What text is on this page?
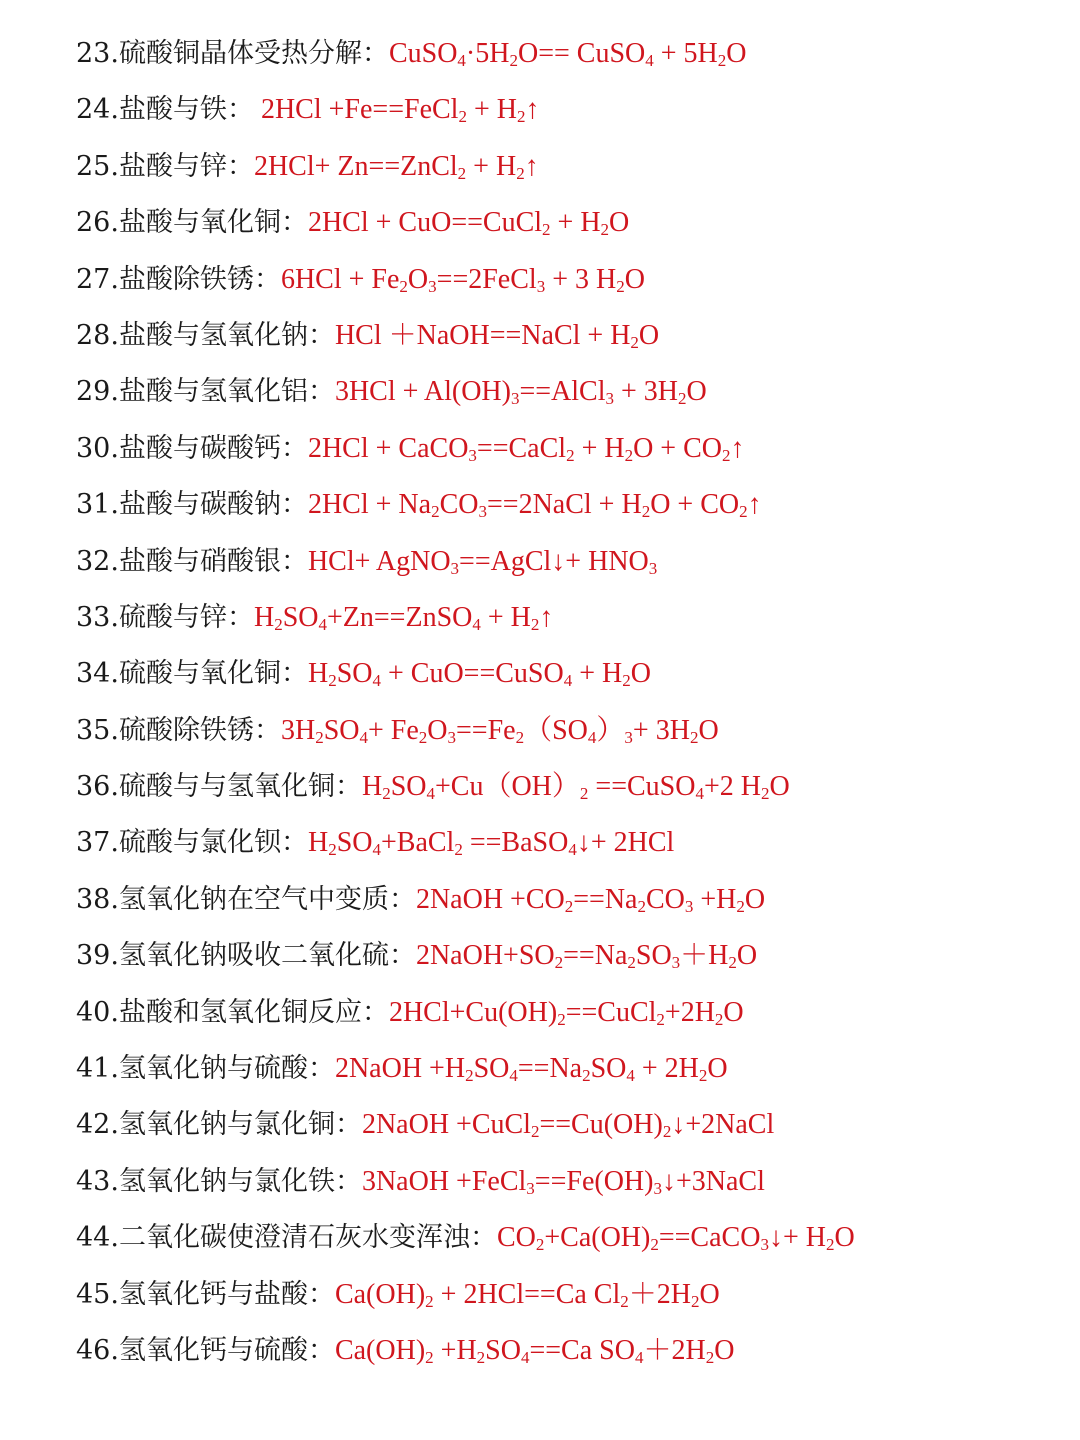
23.硫酸铜晶体受热分解：$CuSO_4\cdot 5H_2O==$ CuSO$_4$ + $5H_2O$
24.盐酸与铁： 2HCl +Fe==FeCl$_2$ + $H_2↑$
25.盐酸与锌：2HCl+ Zn==ZnCl$_2$ + $H_2↑$
26.盐酸与氧化铜：2HCl + CuO==CuCl$_2$ + $H_2O$
27.盐酸除铁锈：$6HCl + Fe_2O_3==2FeCl_3 + 3$ $H_2O$
28.盐酸与氢氧化钠：HCl ＋NaOH==NaCl + $H_2O$
29.盐酸与氢氧化铝：$3HCl + Al(OH)_3==AlCl_3 + 3H_2O$
30.盐酸与碳酸钙：2HCl + CaCO$_3$==CaCl$_2$ + $H_2O$ + $CO_2↑$
31.盐酸与碳酸钠：$2HCl + Na_2CO_3==2NaCl + H_2O$ + $CO_2↑$
32.盐酸与硝酸银：HCl+ AgNO$_3$==AgCl↓+ $HNO_3$
33.硫酸与锌：$H_2SO_4+Zn==ZnSO_4$ + $H_2↑$
34.硫酸与氧化铜：$H_2SO_4$ + CuO==CuSO$_4$ + $H_2O$
35.硫酸除铁锈：$3H_2SO_4+ Fe_2O_3==Fe_2(SO_4)_3+ 3H_2O$
36.硫酸与与氢氧化铜：$H_2SO_4+Cu(OH)_2$ ==CuSO$_4$+2 $H_2O$
37.硫酸与氯化钡：$H_2SO_4+BaCl_2$ ==BaSO$_4$↓+ 2HCl
38.氢氧化钠在空气中变质：2NaOH $+CO_2==Na_2CO_3 +H_2O$
39.氢氧化钠吸收二氧化硫：$2NaOH+SO_2==Na_2SO_3+H_2O$
40.盐酸和氢氧化铜反应：$2HCl+Cu(OH)_2==CuCl_2+2H_2O$
41.氢氧化钠与硫酸：2NaOH $+H_2SO_4==Na_2SO_4 + 2H_2O$
42.氢氧化钠与氯化铜：2NaOH $+CuCl_2==Cu(OH)_2↓+2NaCl$
43.氢氧化钠与氯化铁：3NaOH $+FeCl_3==Fe(OH)_3↓+3NaCl$
44.二氧化碳使澄清石灰水变浑浊：$CO_2+Ca(OH)_2==CaCO_3↓+ H_2O$
45.氢氧化钙与盐酸：$Ca(OH)_2 + 2HCl==Ca$ $Cl_2+2H_2O$
46.氢氧化钙与硫酸：$Ca(OH)_2 +H_2SO_4==Ca$ $SO_4+2H_2O$
